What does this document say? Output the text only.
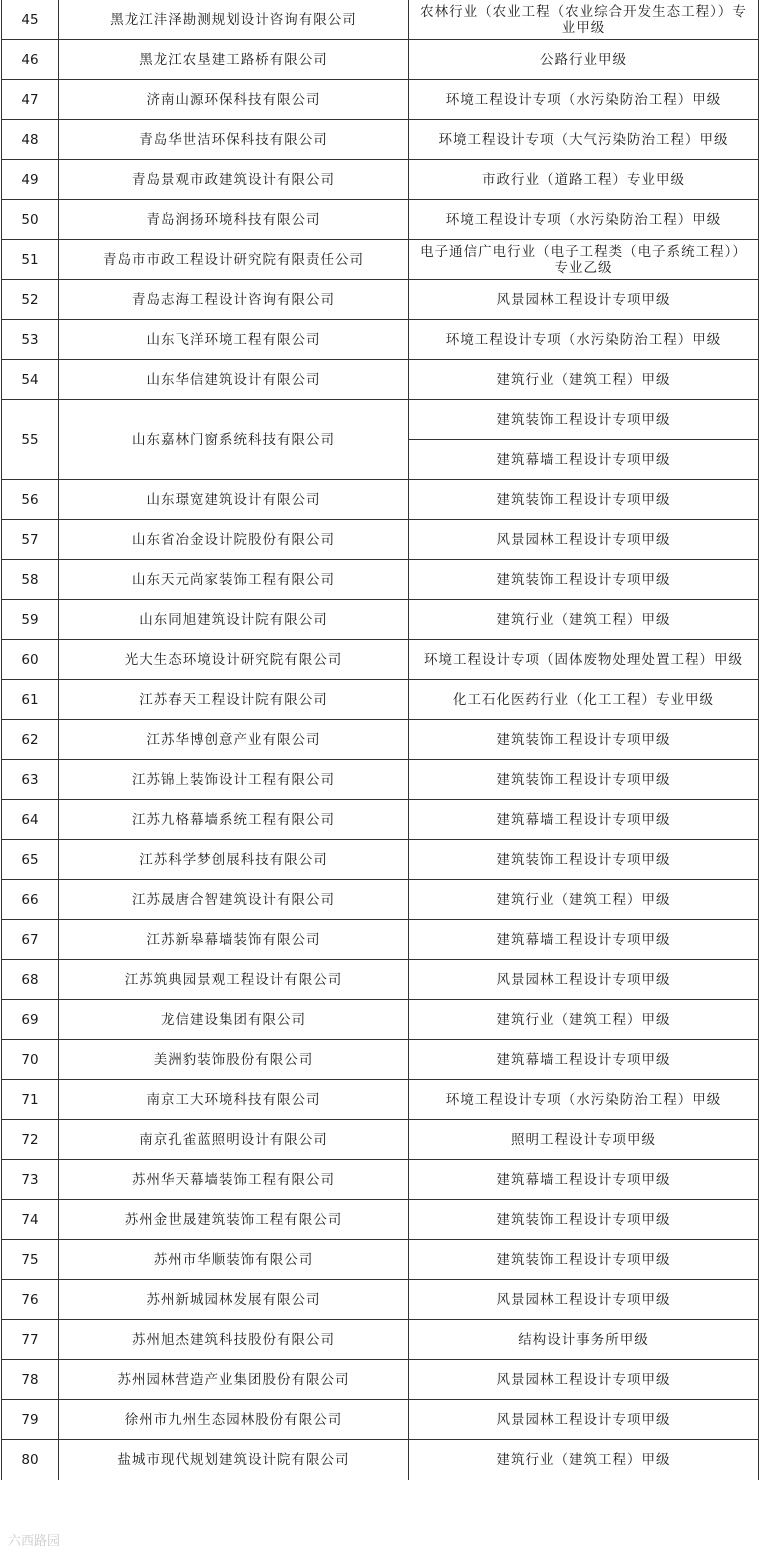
45	黑龙江沣泽勘测规划设计咨询有限公司	农林行业（农业工程（农业综合开发生态工程））专业甲级
46	黑龙江农垦建工路桥有限公司	公路行业甲级
47	济南山源环保科技有限公司	环境工程设计专项（水污染防治工程）甲级
48	青岛华世洁环保科技有限公司	环境工程设计专项（大气污染防治工程）甲级
49	青岛景观市政建筑设计有限公司	市政行业（道路工程）专业甲级
50	青岛润扬环境科技有限公司	环境工程设计专项（水污染防治工程）甲级
51	青岛市市政工程设计研究院有限责任公司	电子通信广电行业（电子工程类（电子系统工程））专业乙级
52	青岛志海工程设计咨询有限公司	风景园林工程设计专项甲级
53	山东飞洋环境工程有限公司	环境工程设计专项（水污染防治工程）甲级
54	山东华信建筑设计有限公司	建筑行业（建筑工程）甲级
55	山东嘉林门窗系统科技有限公司	建筑装饰工程设计专项甲级
		建筑幕墙工程设计专项甲级
56	山东璟宽建筑设计有限公司	建筑装饰工程设计专项甲级
57	山东省冶金设计院股份有限公司	风景园林工程设计专项甲级
58	山东天元尚家装饰工程有限公司	建筑装饰工程设计专项甲级
59	山东同旭建筑设计院有限公司	建筑行业（建筑工程）甲级
60	光大生态环境设计研究院有限公司	环境工程设计专项（固体废物处理处置工程）甲级
61	江苏春天工程设计院有限公司	化工石化医药行业（化工工程）专业甲级
62	江苏华博创意产业有限公司	建筑装饰工程设计专项甲级
63	江苏锦上装饰设计工程有限公司	建筑装饰工程设计专项甲级
64	江苏九格幕墙系统工程有限公司	建筑幕墙工程设计专项甲级
65	江苏科学梦创展科技有限公司	建筑装饰工程设计专项甲级
66	江苏晟唐合智建筑设计有限公司	建筑行业（建筑工程）甲级
67	江苏新皋幕墙装饰有限公司	建筑幕墙工程设计专项甲级
68	江苏筑典园景观工程设计有限公司	风景园林工程设计专项甲级
69	龙信建设集团有限公司	建筑行业（建筑工程）甲级
70	美洲豹装饰股份有限公司	建筑幕墙工程设计专项甲级
71	南京工大环境科技有限公司	环境工程设计专项（水污染防治工程）甲级
72	南京孔雀蓝照明设计有限公司	照明工程设计专项甲级
73	苏州华天幕墙装饰工程有限公司	建筑幕墙工程设计专项甲级
74	苏州金世晟建筑装饰工程有限公司	建筑装饰工程设计专项甲级
75	苏州市华顺装饰有限公司	建筑装饰工程设计专项甲级
76	苏州新城园林发展有限公司	风景园林工程设计专项甲级
77	苏州旭杰建筑科技股份有限公司	结构设计事务所甲级
78	苏州园林营造产业集团股份有限公司	风景园林工程设计专项甲级
79	徐州市九州生态园林股份有限公司	风景园林工程设计专项甲级
80	盐城市现代规划建筑设计院有限公司	建筑行业（建筑工程）甲级
六西路园
